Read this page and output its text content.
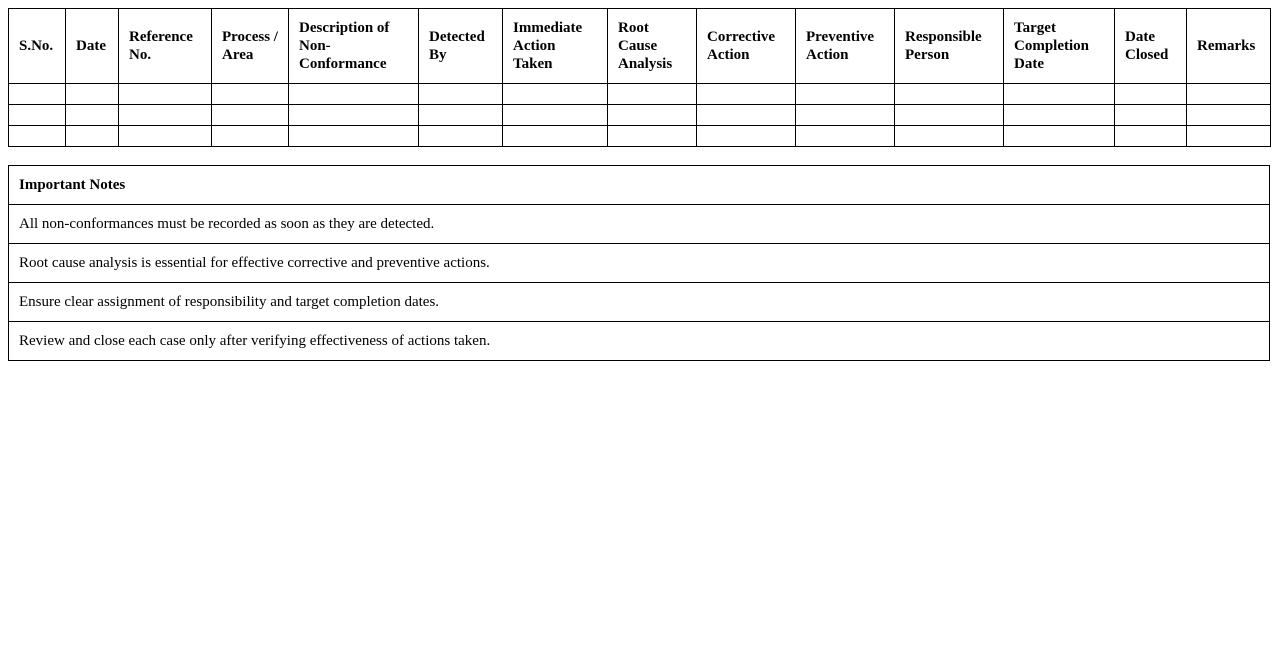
S.No.	Date	Reference No.	Process / Area	Description of Non-Conformance	Detected By	Immediate Action Taken	Root Cause Analysis	Corrective Action	Preventive Action	Responsible Person	Target Completion Date	Date Closed	Remarks

Important Notes
All non-conformances must be recorded as soon as they are detected.
Root cause analysis is essential for effective corrective and preventive actions.
Ensure clear assignment of responsibility and target completion dates.
Review and close each case only after verifying effectiveness of actions taken.
